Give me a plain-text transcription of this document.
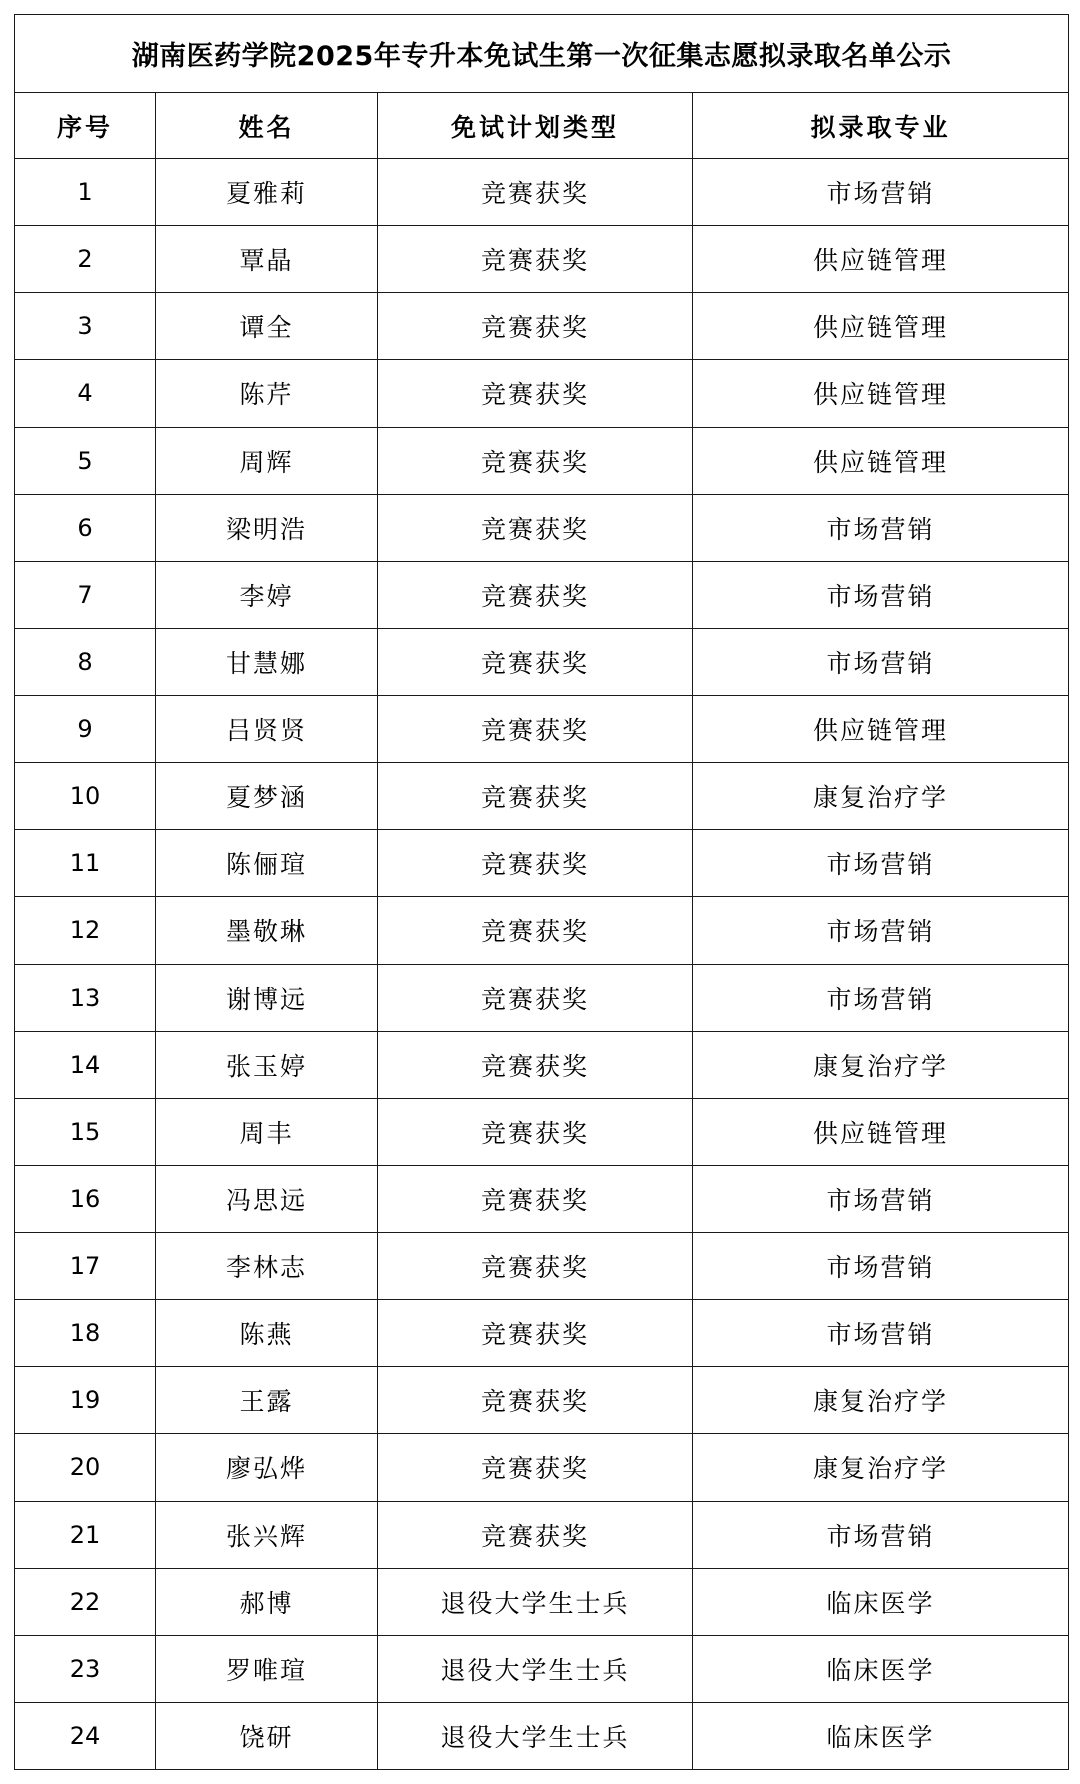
湖南医药学院2025年专升本免试生第一次征集志愿拟录取名单公示			
序号	姓名	免试计划类型	拟录取专业
1	夏雅莉	竞赛获奖	市场营销
2	覃晶	竞赛获奖	供应链管理
3	谭全	竞赛获奖	供应链管理
4	陈芹	竞赛获奖	供应链管理
5	周辉	竞赛获奖	供应链管理
6	梁明浩	竞赛获奖	市场营销
7	李婷	竞赛获奖	市场营销
8	甘慧娜	竞赛获奖	市场营销
9	吕贤贤	竞赛获奖	供应链管理
10	夏梦涵	竞赛获奖	康复治疗学
11	陈俪瑄	竞赛获奖	市场营销
12	墨敬琳	竞赛获奖	市场营销
13	谢博远	竞赛获奖	市场营销
14	张玉婷	竞赛获奖	康复治疗学
15	周丰	竞赛获奖	供应链管理
16	冯思远	竞赛获奖	市场营销
17	李林志	竞赛获奖	市场营销
18	陈燕	竞赛获奖	市场营销
19	王露	竞赛获奖	康复治疗学
20	廖弘烨	竞赛获奖	康复治疗学
21	张兴辉	竞赛获奖	市场营销
22	郝博	退役大学生士兵	临床医学
23	罗唯瑄	退役大学生士兵	临床医学
24	饶研	退役大学生士兵	临床医学
